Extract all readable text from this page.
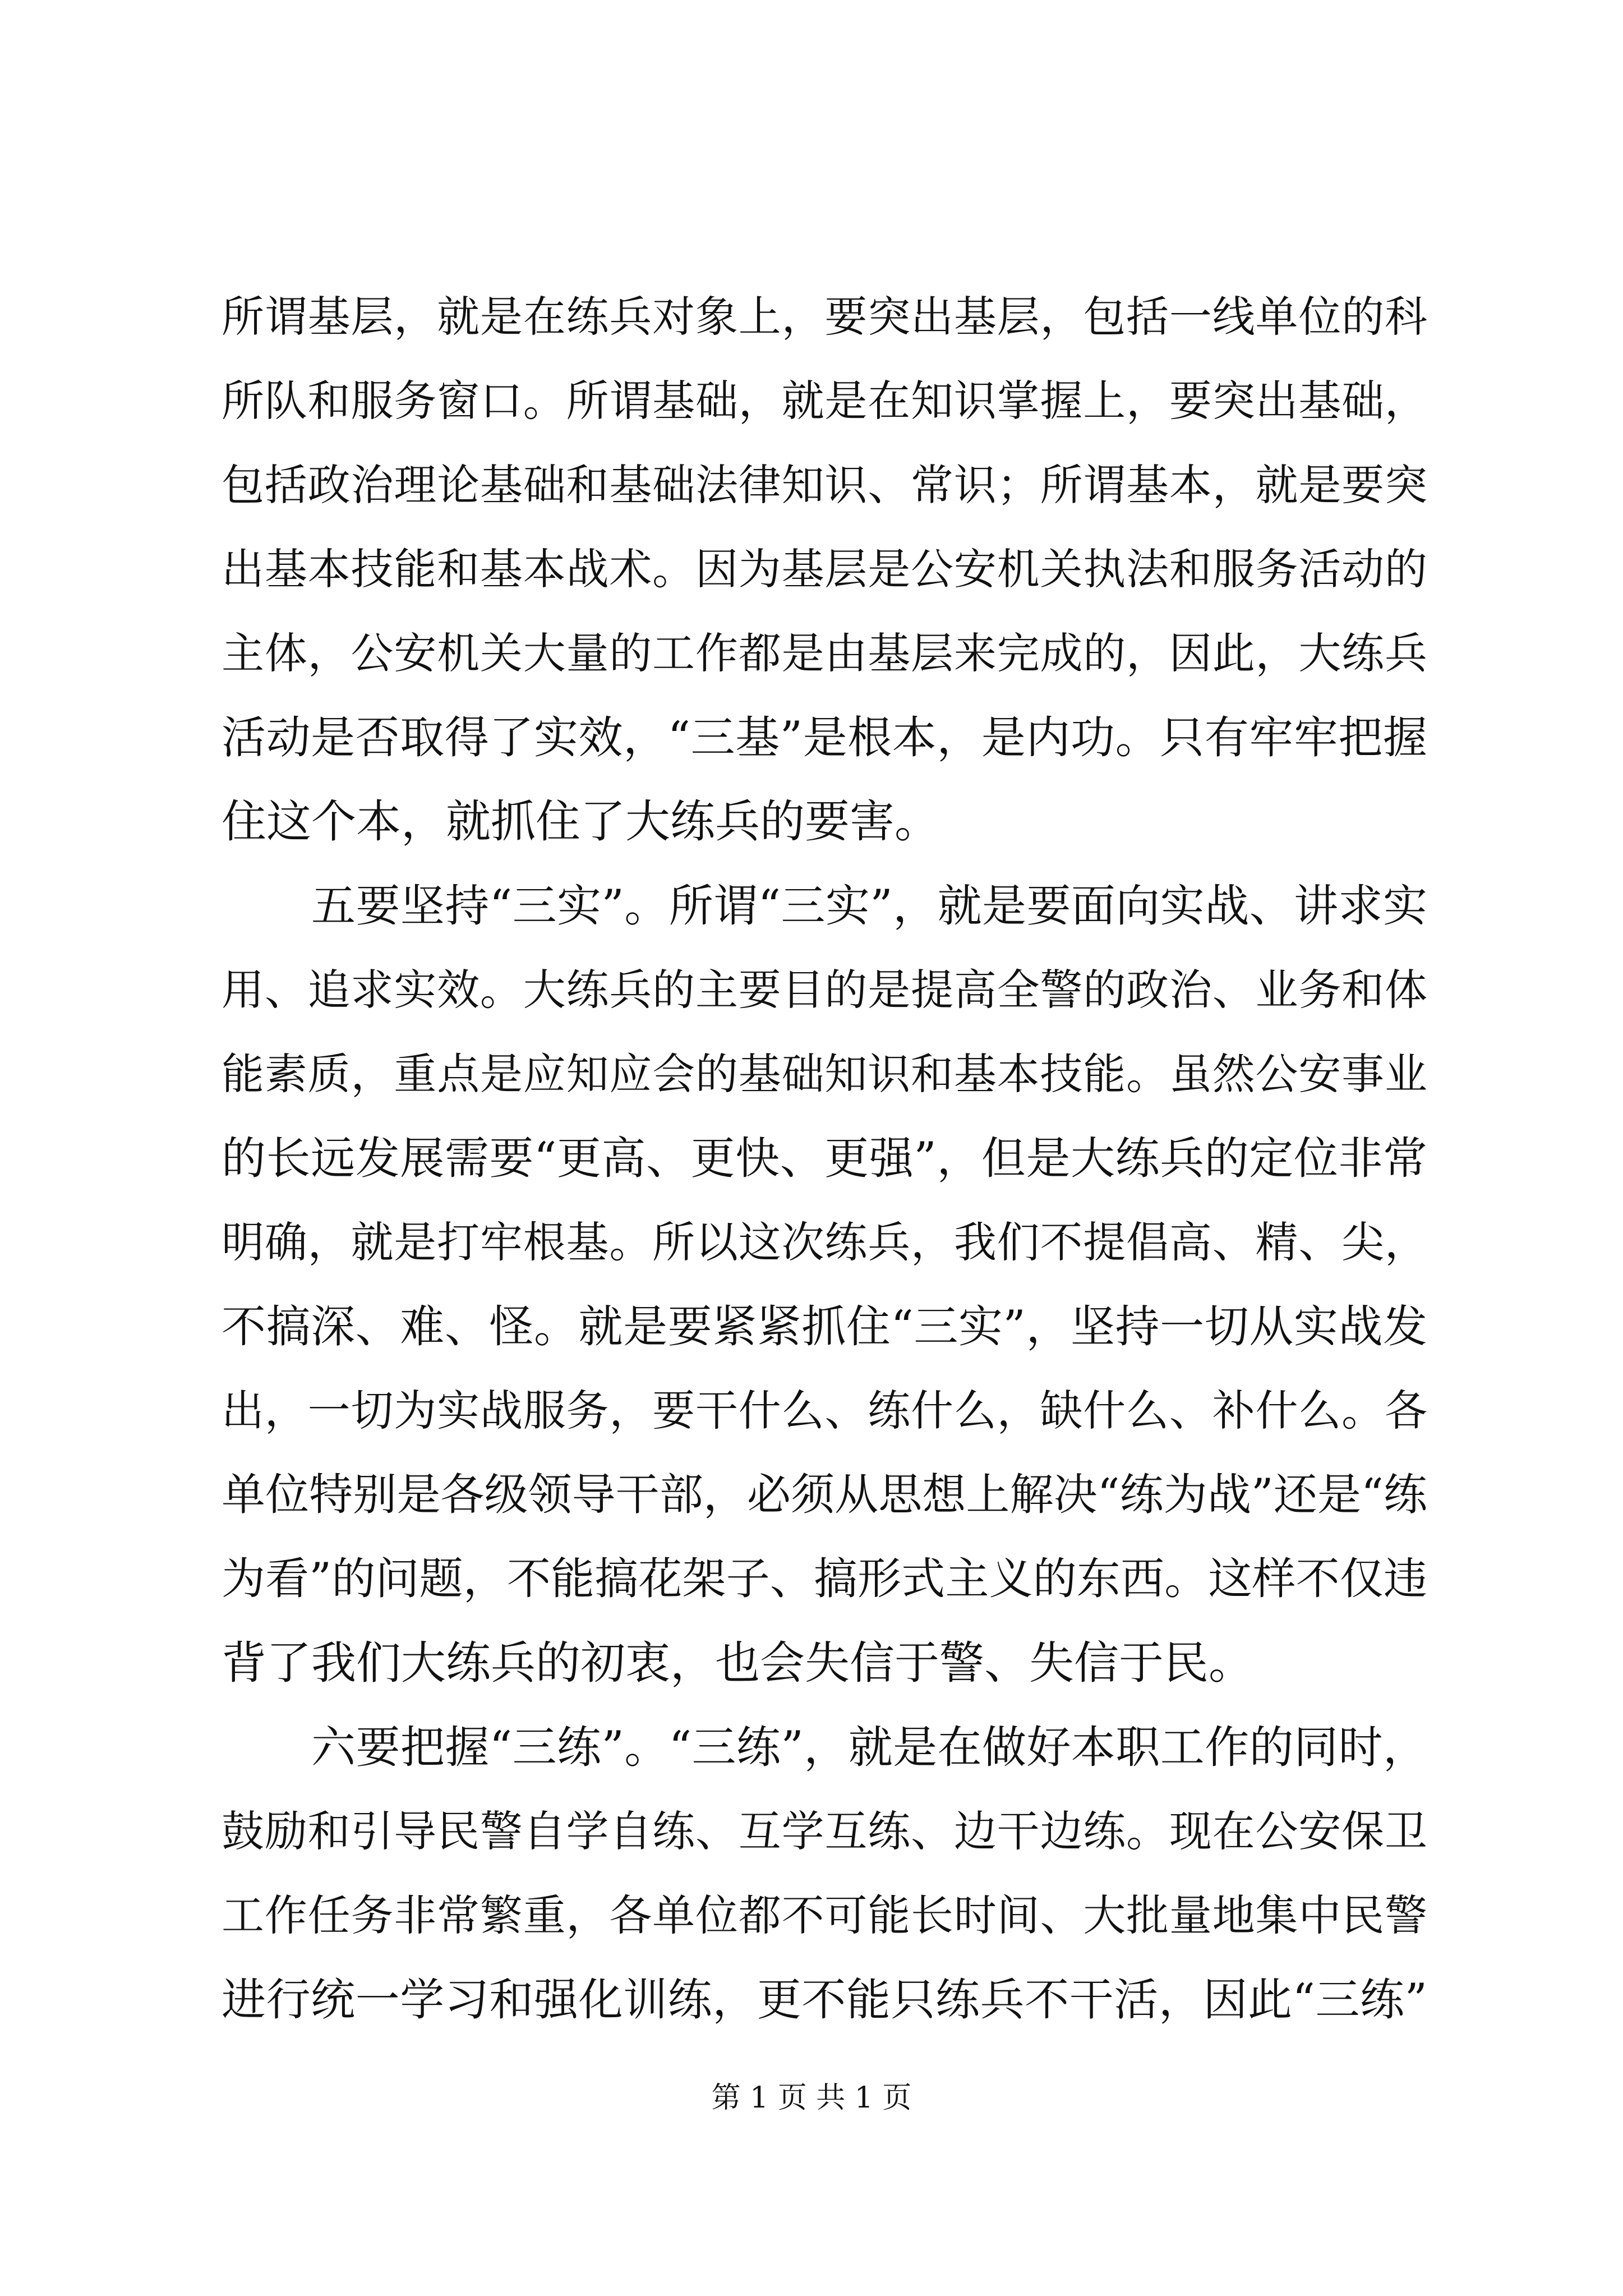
所谓基层，就是在练兵对象上，要突出基层，包括一线单位的科
所队和服务窗口。所谓基础，就是在知识掌握上，要突出基础，
包括政治理论基础和基础法律知识、常识；所谓基本，就是要突
出基本技能和基本战术。因为基层是公安机关执法和服务活动的
主体，公安机关大量的工作都是由基层来完成的，因此，大练兵
活动是否取得了实效，“三基”是根本，是内功。只有牢牢把握
住这个本，就抓住了大练兵的要害。
五要坚持“三实”。所谓“三实”，就是要面向实战、讲求实
用、追求实效。大练兵的主要目的是提高全警的政治、业务和体
能素质，重点是应知应会的基础知识和基本技能。虽然公安事业
的长远发展需要“更高、更快、更强”，但是大练兵的定位非常
明确，就是打牢根基。所以这次练兵，我们不提倡高、精、尖，
不搞深、难、怪。就是要紧紧抓住“三实”，坚持一切从实战发
出，一切为实战服务，要干什么、练什么，缺什么、补什么。各
单位特别是各级领导干部，必须从思想上解决“练为战”还是“练
为看”的问题，不能搞花架子、搞形式主义的东西。这样不仅违
背了我们大练兵的初衷，也会失信于警、失信于民。
六要把握“三练”。“三练”，就是在做好本职工作的同时，
鼓励和引导民警自学自练、互学互练、边干边练。现在公安保卫
工作任务非常繁重，各单位都不可能长时间、大批量地集中民警
进行统一学习和强化训练，更不能只练兵不干活，因此“三练”
第 1 页 共 1 页
